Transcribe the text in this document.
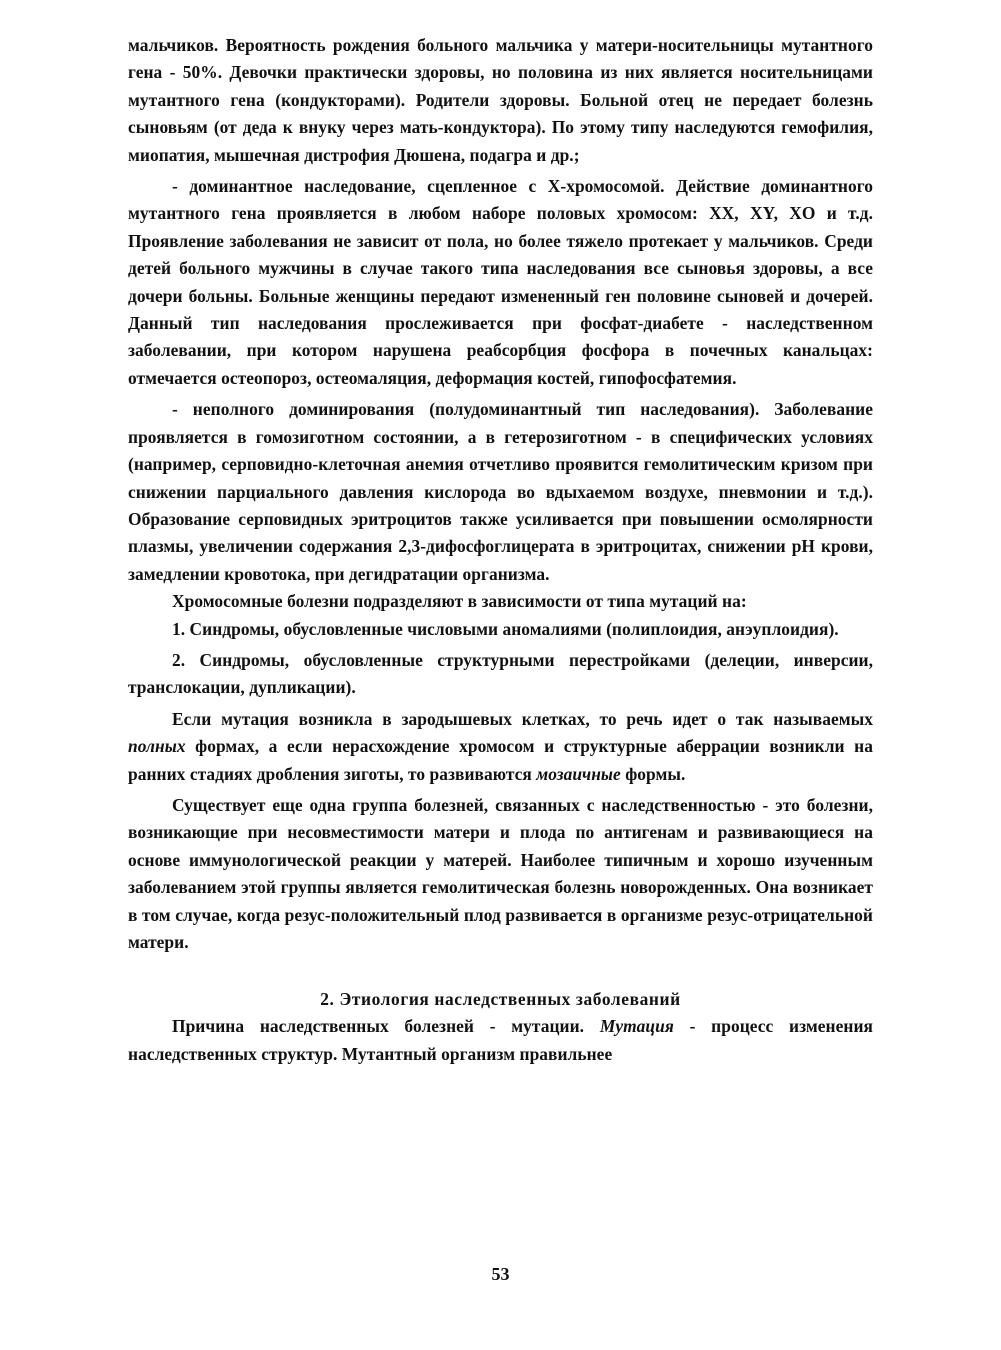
мальчиков. Вероятность рождения больного мальчика у матери-носительницы мутантного гена - 50%. Девочки практически здоровы, но половина из них является носительницами мутантного гена (кондукторами). Родители здоровы. Больной отец не передает болезнь сыновьям (от деда к внуку через мать-кондуктора). По этому типу наследуются гемофилия, миопатия, мышечная дистрофия Дюшена, подагра и др.;

- доминантное наследование, сцепленное с Х-хромосомой. Действие доминантного мутантного гена проявляется в любом наборе половых хромосом: XX, XY, XO и т.д. Проявление заболевания не зависит от пола, но более тяжело протекает у мальчиков. Среди детей больного мужчины в случае такого типа наследования все сыновья здоровы, а все дочери больны. Больные женщины передают измененный ген половине сыновей и дочерей. Данный тип наследования прослеживается при фосфат-диабете - наследственном заболевании, при котором нарушена реабсорбция фосфора в почечных канальцах: отмечается остеопороз, остеомаляция, деформация костей, гипофосфатемия.

- неполного доминирования (полудоминантный тип наследования). Заболевание проявляется в гомозиготном состоянии, а в гетерозиготном - в специфических условиях (например, серповидно-клеточная анемия отчетливо проявится гемолитическим кризом при снижении парциального давления кислорода во вдыхаемом воздухе, пневмонии и т.д.). Образование серповидных эритроцитов также усиливается при повышении осмолярности плазмы, увеличении содержания 2,3-дифосфоглицерата в эритроцитах, снижении pH крови, замедлении кровотока, при дегидратации организма.

Хромосомные болезни подразделяют в зависимости от типа мутаций на:

1. Синдромы, обусловленные числовыми аномалиями (полиплоидия, анэуплоидия).

2. Синдромы, обусловленные структурными перестройками (делеции, инверсии, транслокации, дупликации).

Если мутация возникла в зародышевых клетках, то речь идет о так называемых полных формах, а если нерасхождение хромосом и структурные аберрации возникли на ранних стадиях дробления зиготы, то развиваются мозаичные формы.

Существует еще одна группа болезней, связанных с наследственностью - это болезни, возникающие при несовместимости матери и плода по антигенам и развивающиеся на основе иммунологической реакции у матерей. Наиболее типичным и хорошо изученным заболеванием этой группы является гемолитическая болезнь новорожденных. Она возникает в том случае, когда резус-положительный плод развивается в организме резус-отрицательной матери.

2. Этиология наследственных заболеваний

Причина наследственных болезней - мутации. Мутация - процесс изменения наследственных структур. Мутантный организм правильнее

53
